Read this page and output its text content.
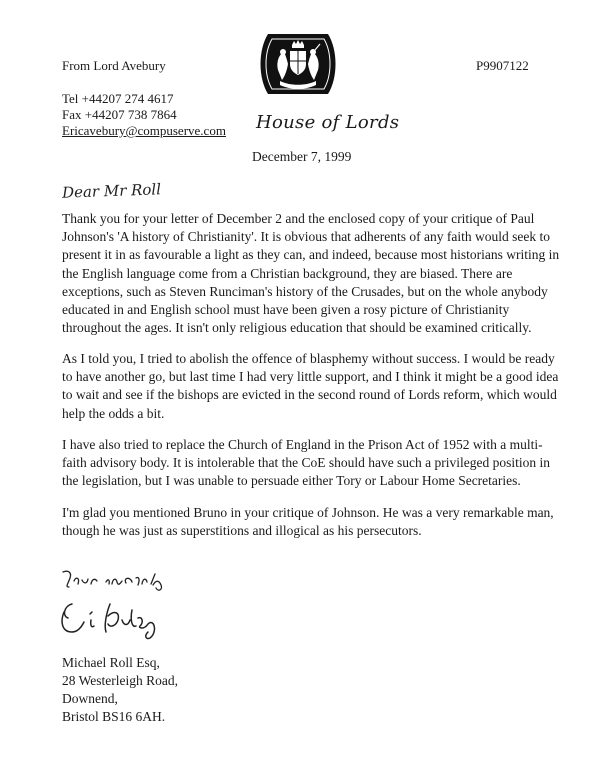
From Lord Avebury
Tel +44207 274 4617
Fax +44207 738 7864
Ericavebury@compuserve.com
P9907122
House of Lords
December 7, 1999
Dear Mr Roll

Thank you for your letter of December 2 and the enclosed copy of your critique of Paul Johnson's 'A history of Christianity'. It is obvious that adherents of any faith would seek to present it in as favourable a light as they can, and indeed, because most historians writing in the English language come from a Christian background, they are biased. There are exceptions, such as Steven Runciman's history of the Crusades, but on the whole anybody educated in and English school must have been given a rosy picture of Christianity throughout the ages. It isn't only religious education that should be examined critically.

As I told you, I tried to abolish the offence of blasphemy without success. I would be ready to have another go, but last time I had very little support, and I think it might be a good idea to wait and see if the bishops are evicted in the second round of Lords reform, which would help the odds a bit.

I have also tried to replace the Church of England in the Prison Act of 1952 with a multi-faith advisory body. It is intolerable that the CoE should have such a privileged position in the legislation, but I was unable to persuade either Tory or Labour Home Secretaries.

I'm glad you mentioned Bruno in your critique of Johnson. He was a very remarkable man, though he was just as superstitions and illogical as his persecutors.

Michael Roll Esq,
28 Westerleigh Road,
Downend,
Bristol BS16 6AH.
